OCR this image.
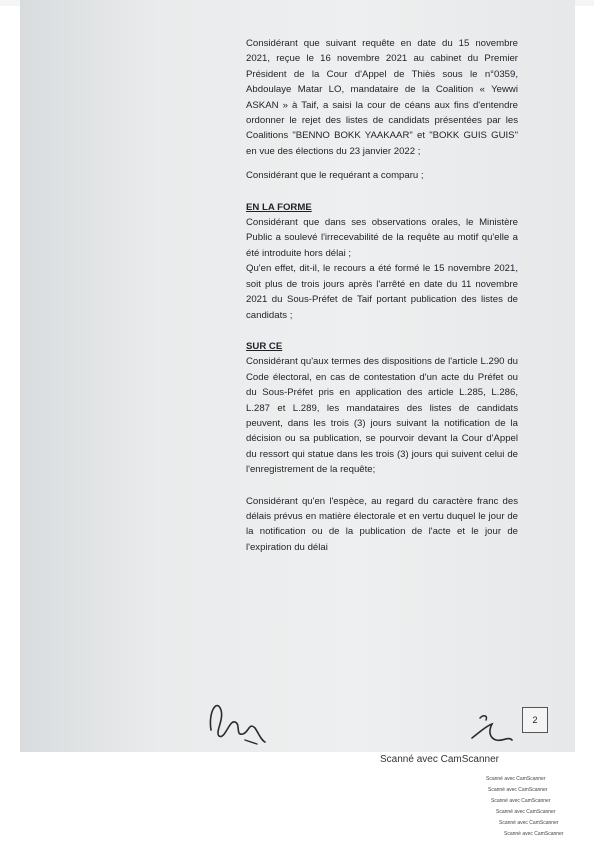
Considérant que suivant requête en date du 15 novembre 2021, reçue le 16 novembre 2021 au cabinet du Premier Président de la Cour d'Appel de Thiès sous le n°0359, Abdoulaye Matar LO, mandataire de la Coalition « Yewwi ASKAN » à Taif, a saisi la cour de céans aux fins d'entendre ordonner le rejet des listes de candidats présentées par les Coalitions "BENNO BOKK YAAKAAR" et "BOKK GUIS GUIS" en vue des élections du 23 janvier 2022 ;

Considérant que le requérant a comparu ;

EN LA FORME

Considérant que dans ses observations orales, le Ministère Public a soulevé l'irrecevabilité de la requête au motif qu'elle a été introduite hors délai ;

Qu'en effet, dit-il, le recours a été formé le 15 novembre 2021, soit plus de trois jours après l'arrêté en date du 11 novembre 2021 du Sous-Préfet de Taif portant publication des listes de candidats ;

SUR CE

Considérant qu'aux termes des dispositions de l'article L.290 du Code électoral, en cas de contestation d'un acte du Préfet ou du Sous-Préfet pris en application des article L.285, L.286, L.287 et L.289, les mandataires des listes de candidats peuvent, dans les trois (3) jours suivant la notification de la décision ou sa publication, se pourvoir devant la Cour d'Appel du ressort qui statue dans les trois (3) jours qui suivent celui de l'enregistrement de la requête;

Considérant qu'en l'espèce, au regard du caractère franc des délais prévus en matière électorale et en vertu duquel le jour de la notification ou de la publication de l'acte et le jour de l'expiration du délai

2
Scanné avec CamScanner
Scanné avec CamScanner
Scanné avec CamScanner
Scanné avec CamScanner
Scanné avec CamScanner
Scanné avec CamScanner
Scanné avec CamScanner
